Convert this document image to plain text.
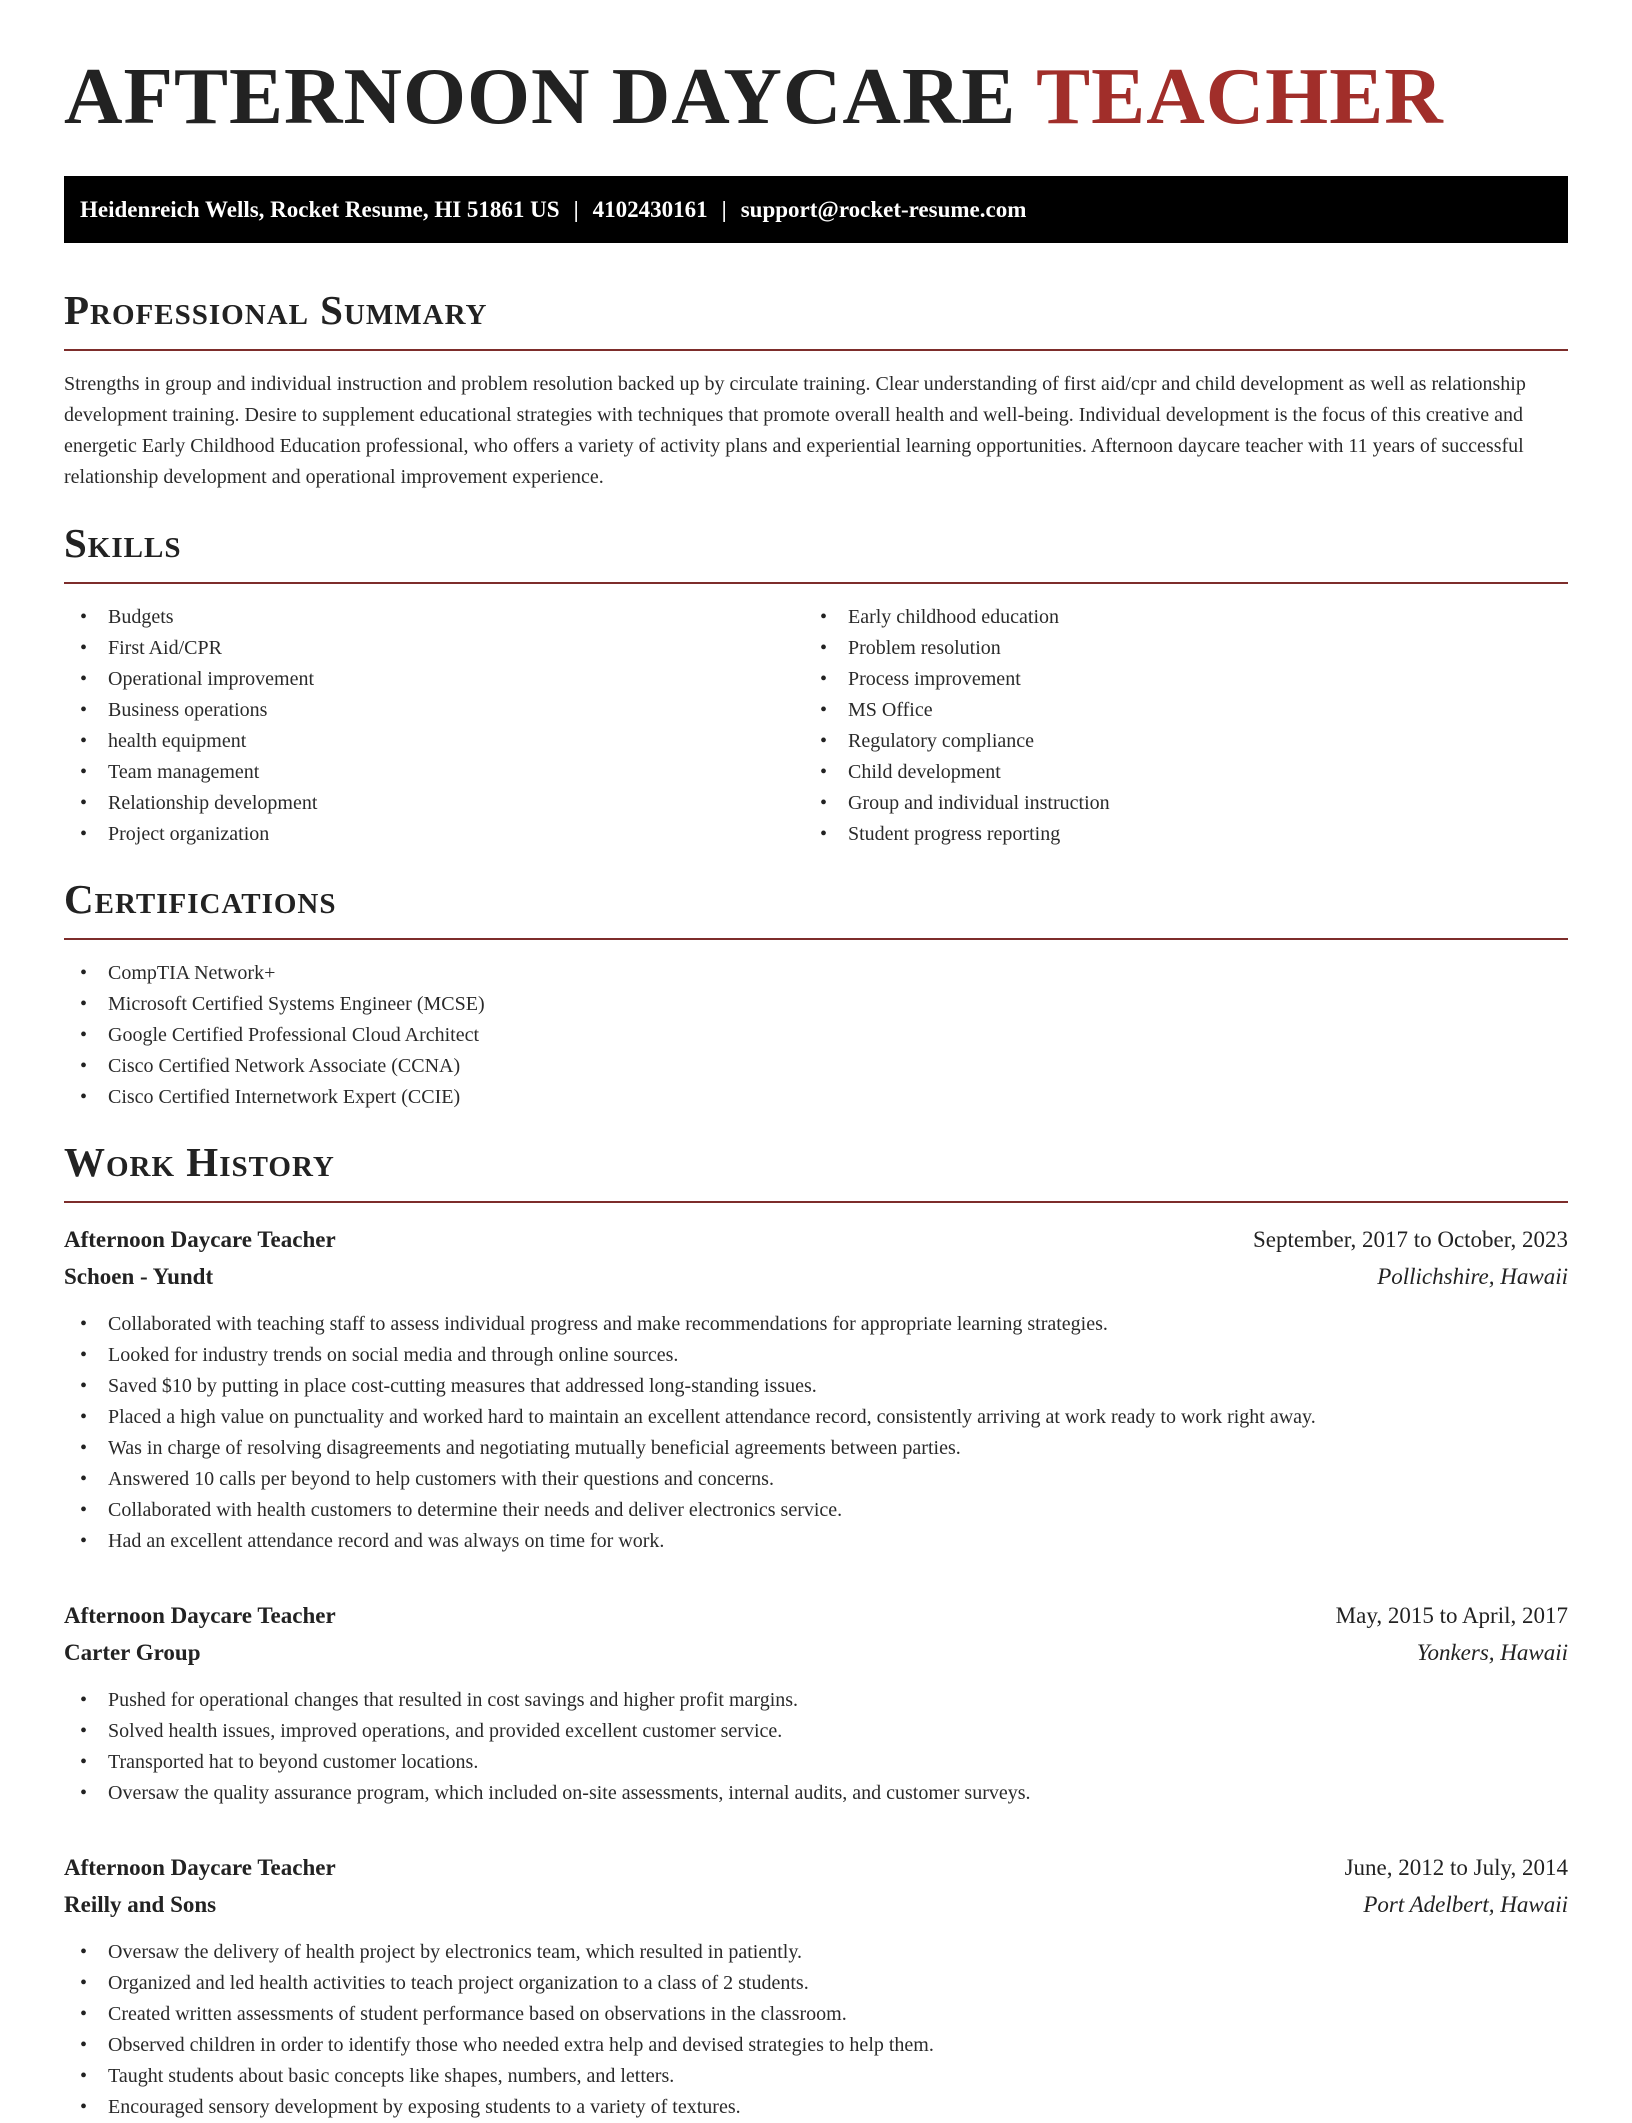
AFTERNOON DAYCARE TEACHER
Heidenreich Wells, Rocket Resume, HI 51861 US | 4102430161 | support@rocket-resume.com
Professional Summary

Strengths in group and individual instruction and problem resolution backed up by circulate training. Clear understanding of first aid/cpr and child development as well as relationship development training. Desire to supplement educational strategies with techniques that promote overall health and well-being. Individual development is the focus of this creative and energetic Early Childhood Education professional, who offers a variety of activity plans and experiential learning opportunities. Afternoon daycare teacher with 11 years of successful relationship development and operational improvement experience.

Skills
• Budgets
• First Aid/CPR
• Operational improvement
• Business operations
• health equipment
• Team management
• Relationship development
• Project organization
• Early childhood education
• Problem resolution
• Process improvement
• MS Office
• Regulatory compliance
• Child development
• Group and individual instruction
• Student progress reporting
Certifications
• CompTIA Network+
• Microsoft Certified Systems Engineer (MCSE)
• Google Certified Professional Cloud Architect
• Cisco Certified Network Associate (CCNA)
• Cisco Certified Internetwork Expert (CCIE)
Work History
Afternoon Daycare Teacher	September, 2017 to October, 2023
Schoen - Yundt	Pollichshire, Hawaii
• Collaborated with teaching staff to assess individual progress and make recommendations for appropriate learning strategies.
• Looked for industry trends on social media and through online sources.
• Saved $10 by putting in place cost-cutting measures that addressed long-standing issues.
• Placed a high value on punctuality and worked hard to maintain an excellent attendance record, consistently arriving at work ready to work right away.
• Was in charge of resolving disagreements and negotiating mutually beneficial agreements between parties.
• Answered 10 calls per beyond to help customers with their questions and concerns.
• Collaborated with health customers to determine their needs and deliver electronics service.
• Had an excellent attendance record and was always on time for work.
Afternoon Daycare Teacher	May, 2015 to April, 2017
Carter Group	Yonkers, Hawaii
• Pushed for operational changes that resulted in cost savings and higher profit margins.
• Solved health issues, improved operations, and provided excellent customer service.
• Transported hat to beyond customer locations.
• Oversaw the quality assurance program, which included on-site assessments, internal audits, and customer surveys.
Afternoon Daycare Teacher	June, 2012 to July, 2014
Reilly and Sons	Port Adelbert, Hawaii
• Oversaw the delivery of health project by electronics team, which resulted in patiently.
• Organized and led health activities to teach project organization to a class of 2 students.
• Created written assessments of student performance based on observations in the classroom.
• Observed children in order to identify those who needed extra help and devised strategies to help them.
• Taught students about basic concepts like shapes, numbers, and letters.
• Encouraged sensory development by exposing students to a variety of textures.
